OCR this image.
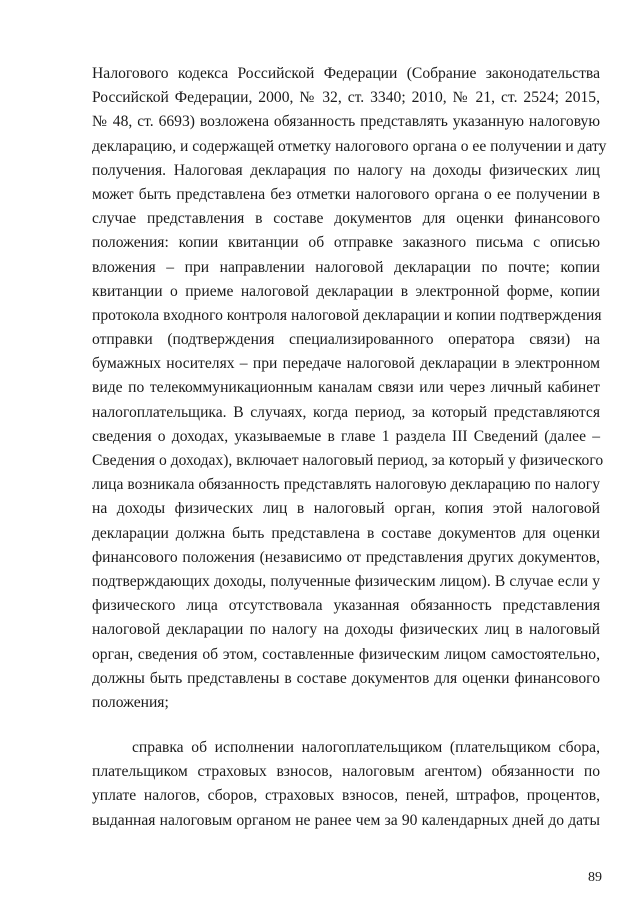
Налогового кодекса Российской Федерации (Собрание законодательства
Российской Федерации, 2000, № 32, ст. 3340; 2010, № 21, ст. 2524; 2015,
№ 48, ст. 6693) возложена обязанность представлять указанную налоговую
декларацию, и содержащей отметку налогового органа о ее получении и дату
получения. Налоговая декларация по налогу на доходы физических лиц
может быть представлена без отметки налогового органа о ее получении в
случае представления в составе документов для оценки финансового
положения: копии квитанции об отправке заказного письма с описью
вложения – при направлении налоговой декларации по почте; копии
квитанции о приеме налоговой декларации в электронной форме, копии
протокола входного контроля налоговой декларации и копии подтверждения
отправки (подтверждения специализированного оператора связи) на
бумажных носителях – при передаче налоговой декларации в электронном
виде по телекоммуникационным каналам связи или через личный кабинет
налогоплательщика. В случаях, когда период, за который представляются
сведения о доходах, указываемые в главе 1 раздела III Сведений (далее –
Сведения о доходах), включает налоговый период, за который у физического
лица возникала обязанность представлять налоговую декларацию по налогу
на доходы физических лиц в налоговый орган, копия этой налоговой
декларации должна быть представлена в составе документов для оценки
финансового положения (независимо от представления других документов,
подтверждающих доходы, полученные физическим лицом). В случае если у
физического лица отсутствовала указанная обязанность представления
налоговой декларации по налогу на доходы физических лиц в налоговый
орган, сведения об этом, составленные физическим лицом самостоятельно,
должны быть представлены в составе документов для оценки финансового
положения;
справка об исполнении налогоплательщиком (плательщиком сбора,
плательщиком страховых взносов, налоговым агентом) обязанности по
уплате налогов, сборов, страховых взносов, пеней, штрафов, процентов,
выданная налоговым органом не ранее чем за 90 календарных дней до даты
89
